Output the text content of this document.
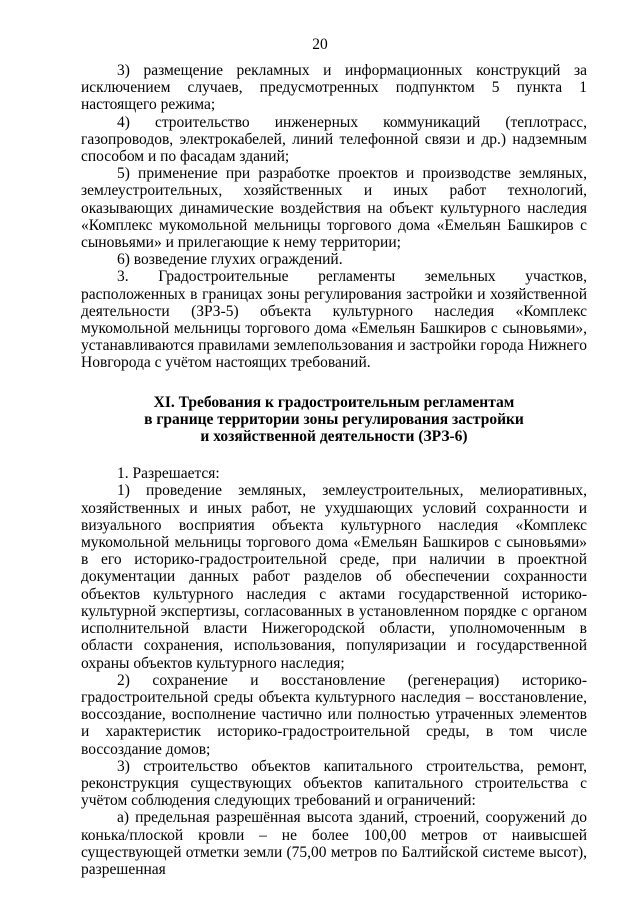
20

3) размещение рекламных и информационных конструкций за исключением случаев, предусмотренных подпунктом 5 пункта 1 настоящего режима;

4) строительство инженерных коммуникаций (теплотрасс, газопроводов, электрокабелей, линий телефонной связи и др.) надземным способом и по фасадам зданий;

5) применение при разработке проектов и производстве земляных, землеустроительных, хозяйственных и иных работ технологий, оказывающих динамические воздействия на объект культурного наследия «Комплекс мукомольной мельницы торгового дома «Емельян Башкиров с сыновьями» и прилегающие к нему территории;

6) возведение глухих ограждений.

3. Градостроительные регламенты земельных участков, расположенных в границах зоны регулирования застройки и хозяйственной деятельности (ЗРЗ-5) объекта культурного наследия «Комплекс мукомольной мельницы торгового дома «Емельян Башкиров с сыновьями», устанавливаются правилами землепользования и застройки города Нижнего Новгорода с учётом настоящих требований.

XI. Требования к градостроительным регламентам
в границе территории зоны регулирования застройки
и хозяйственной деятельности (ЗРЗ-6)

1. Разрешается:

1) проведение земляных, землеустроительных, мелиоративных, хозяйственных и иных работ, не ухудшающих условий сохранности и визуального восприятия объекта культурного наследия «Комплекс мукомольной мельницы торгового дома «Емельян Башкиров с сыновьями» в его историко-градостроительной среде, при наличии в проектной документации данных работ разделов об обеспечении сохранности объектов культурного наследия с актами государственной историко-культурной экспертизы, согласованных в установленном порядке с органом исполнительной власти Нижегородской области, уполномоченным в области сохранения, использования, популяризации и государственной охраны объектов культурного наследия;

2) сохранение и восстановление (регенерация) историко-градостроительной среды объекта культурного наследия – восстановление, воссоздание, восполнение частично или полностью утраченных элементов и характеристик историко-градостроительной среды, в том числе воссоздание домов;

3) строительство объектов капитального строительства, ремонт, реконструкция существующих объектов капитального строительства с учётом соблюдения следующих требований и ограничений:

а) предельная разрешённая высота зданий, строений, сооружений до конька/плоской кровли – не более 100,00 метров от наивысшей существующей отметки земли (75,00 метров по Балтийской системе высот), разрешенная
